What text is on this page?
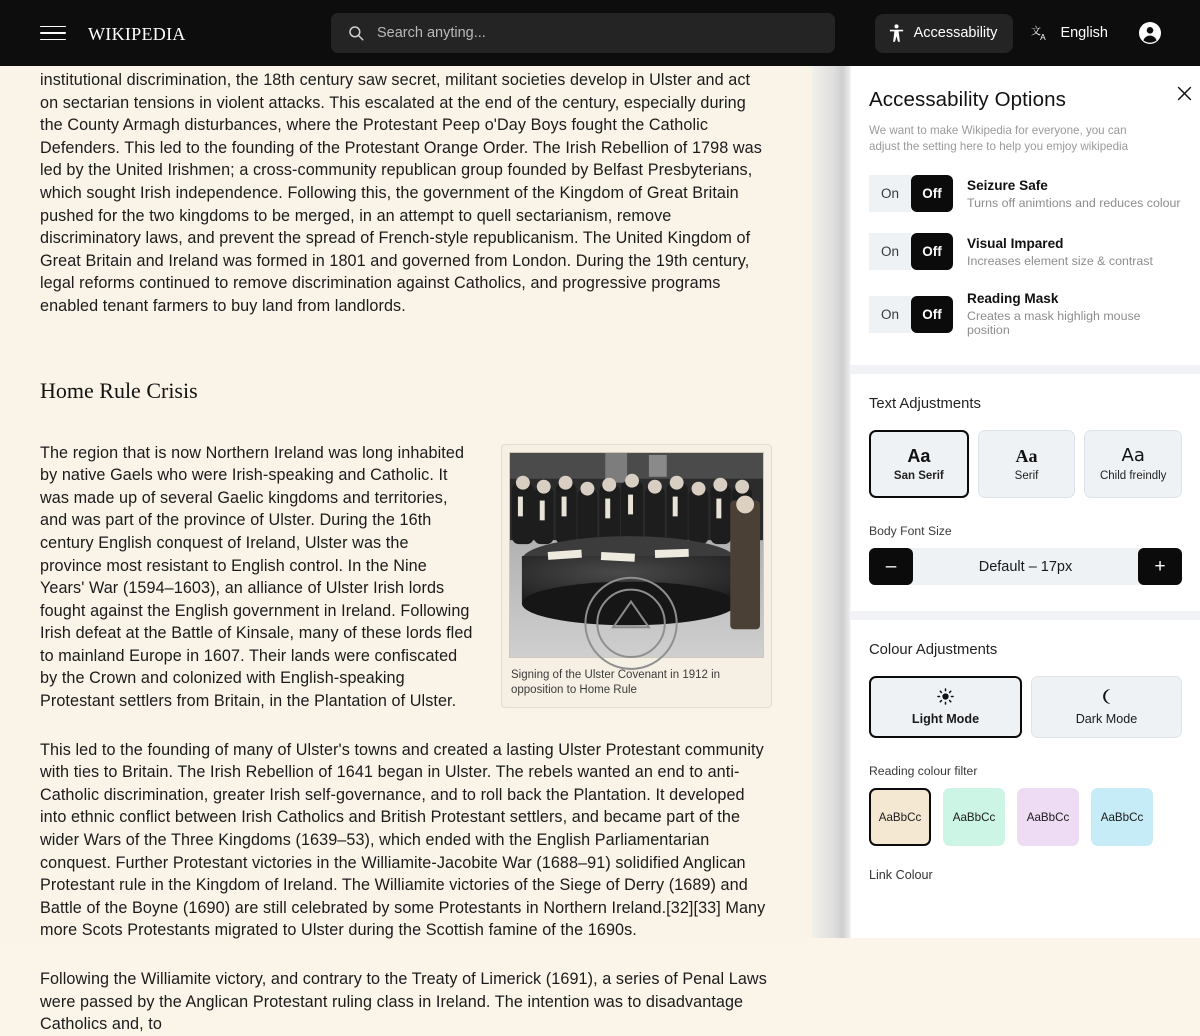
wikipedia
Search anyting...	Accessability	文 A English

institutional discrimination, the 18th century saw secret, militant societies develop in Ulster and act on sectarian tensions in violent attacks. This escalated at the end of the century, especially during the County Armagh disturbances, where the Protestant Peep o'Day Boys fought the Catholic Defenders. This led to the founding of the Protestant Orange Order. The Irish Rebellion of 1798 was led by the United Irishmen; a cross-community republican group founded by Belfast Presbyterians, which sought Irish independence. Following this, the government of the Kingdom of Great Britain pushed for the two kingdoms to be merged, in an attempt to quell sectarianism, remove discriminatory laws, and prevent the spread of French-style republicanism. The United Kingdom of Great Britain and Ireland was formed in 1801 and governed from London. During the 19th century, legal reforms continued to remove discrimination against Catholics, and progressive programs enabled tenant farmers to buy land from landlords.

Home Rule Crisis
Signing of the Ulster Covenant in 1912 in opposition to Home Rule

The region that is now Northern Ireland was long inhabited by native Gaels who were Irish-speaking and Catholic. It was made up of several Gaelic kingdoms and territories, and was part of the province of Ulster. During the 16th century English conquest of Ireland, Ulster was the province most resistant to English control. In the Nine Years' War (1594–1603), an alliance of Ulster Irish lords fought against the English government in Ireland. Following Irish defeat at the Battle of Kinsale, many of these lords fled to mainland Europe in 1607. Their lands were confiscated by the Crown and colonized with English-speaking Protestant settlers from Britain, in the Plantation of Ulster.

This led to the founding of many of Ulster's towns and created a lasting Ulster Protestant community with ties to Britain. The Irish Rebellion of 1641 began in Ulster. The rebels wanted an end to anti-Catholic discrimination, greater Irish self-governance, and to roll back the Plantation. It developed into ethnic conflict between Irish Catholics and British Protestant settlers, and became part of the wider Wars of the Three Kingdoms (1639–53), which ended with the English Parliamentarian conquest. Further Protestant victories in the Williamite-Jacobite War (1688–91) solidified Anglican Protestant rule in the Kingdom of Ireland. The Williamite victories of the Siege of Derry (1689) and Battle of the Boyne (1690) are still celebrated by some Protestants in Northern Ireland.[32][33] Many more Scots Protestants migrated to Ulster during the Scottish famine of the 1690s.

Following the Williamite victory, and contrary to the Treaty of Limerick (1691), a series of Penal Laws were passed by the Anglican Protestant ruling class in Ireland. The intention was to disadvantage Catholics and, to

Accessability Options
We want to make Wikipedia for everyone, you can adjust the setting here to help you emjoy wikipedia
On	Off
Seizure Safe
Turns off animtions and reduces colour
On	Off
Visual Impared
Increases element size & contrast
On	Off
Reading Mask
Creates a mask highligh mouse position
Text Adjustments
Aa
San Serif
Aa
Serif
Aa
Child freindly
Body Font Size
–	Default – 17px	+
Colour Adjustments
Light Mode	Dark Mode
Reading colour filter
AaBbCc	AaBbCc	AaBbCc	AaBbCc
Link Colour
